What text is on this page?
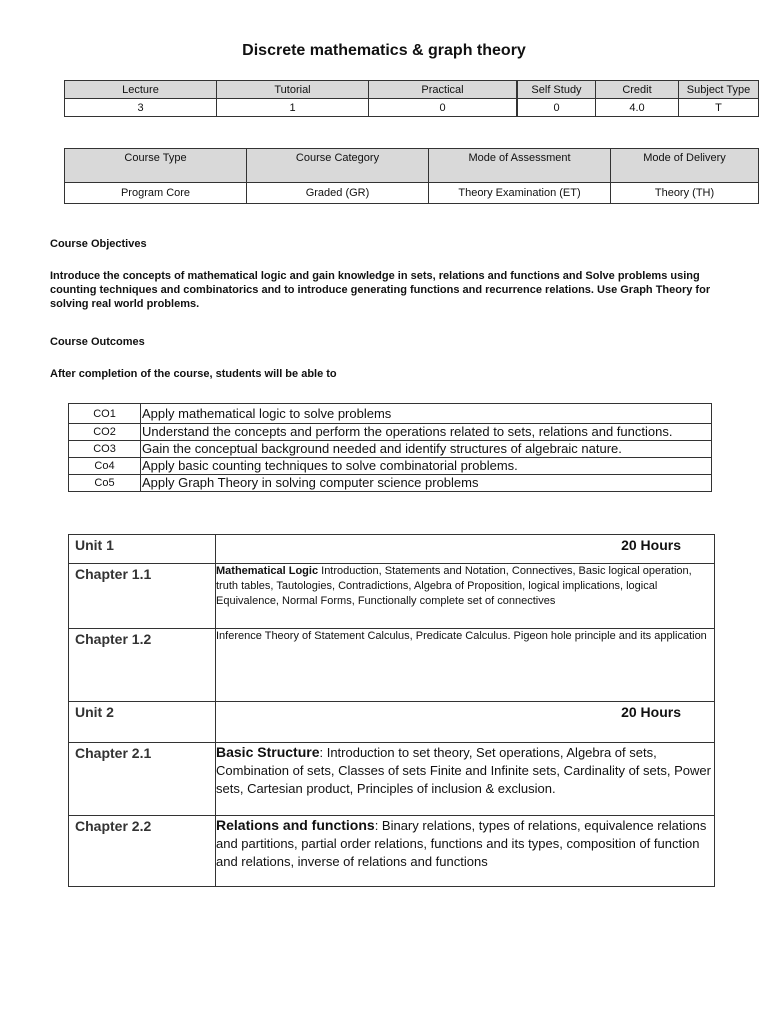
Discrete mathematics & graph theory
Lecture	Tutorial	Practical	Self Study	Credit	Subject Type
3	1	0	0	4.0	T
Course Type	Course Category	Mode of Assessment	Mode of Delivery
Program Core	Graded (GR)	Theory Examination (ET)	Theory (TH)
Course Objectives
Introduce the concepts of mathematical logic and gain knowledge in sets, relations and functions and Solve problems using counting techniques and combinatorics and to introduce generating functions and recurrence relations. Use Graph Theory for solving real world problems.
Course Outcomes
After completion of the course, students will be able to
CO1	Apply mathematical logic to solve problems
CO2	Understand the concepts and perform the operations related to sets, relations and functions.
CO3	Gain the conceptual background needed and identify structures of algebraic nature.
Co4	Apply basic counting techniques to solve combinatorial problems.
Co5	Apply Graph Theory in solving computer science problems
Unit 1	20 Hours
Chapter 1.1	Mathematical Logic Introduction, Statements and Notation, Connectives, Basic logical operation, truth tables, Tautologies, Contradictions, Algebra of Proposition, logical implications, logical Equivalence, Normal Forms, Functionally complete set of connectives
Chapter 1.2	Inference Theory of Statement Calculus, Predicate Calculus. Pigeon hole principle and its application
Unit 2	20 Hours
Chapter 2.1	Basic Structure: Introduction to set theory, Set operations, Algebra of sets, Combination of sets, Classes of sets Finite and Infinite sets, Cardinality of sets, Power sets, Cartesian product, Principles of inclusion & exclusion.
Chapter 2.2	Relations and functions: Binary relations, types of relations, equivalence relations and partitions, partial order relations, functions and its types, composition of function and relations, inverse of relations and functions
